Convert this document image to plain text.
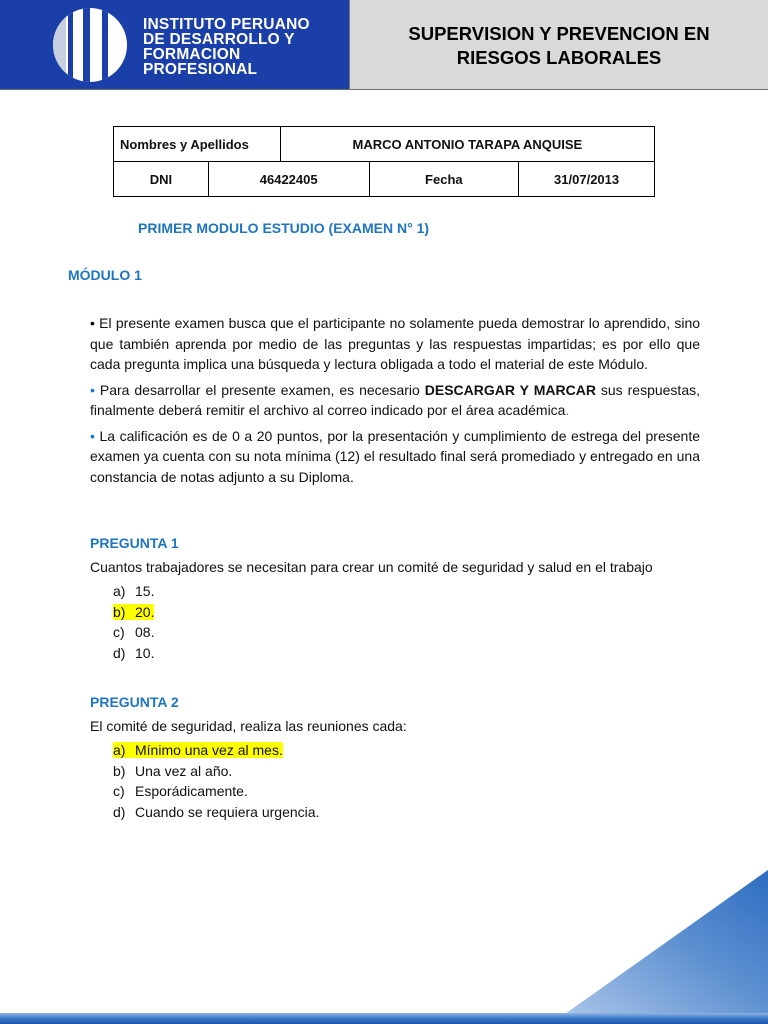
INSTITUTO PERUANO
DE DESARROLLO Y
FORMACION
PROFESIONAL
SUPERVISION Y PREVENCION EN
RIESGOS LABORALES
Nombres y Apellidos		MARCO ANTONIO TARAPA ANQUISE		
DNI	46422405		Fecha	31/07/2013
PRIMER MODULO ESTUDIO (EXAMEN N° 1)
MÓDULO 1

• El presente examen busca que el participante no solamente pueda demostrar lo aprendido, sino que también aprenda por medio de las preguntas y las respuestas impartidas; es por ello que cada pregunta implica una búsqueda y lectura obligada a todo el material de este Módulo.

• Para desarrollar el presente examen, es necesario DESCARGAR Y MARCAR sus respuestas, finalmente deberá remitir el archivo al correo indicado por el área académica.

• La calificación es de 0 a 20 puntos, por la presentación y cumplimiento de estrega del presente examen ya cuenta con su nota mínima (12) el resultado final será promediado y entregado en una constancia de notas adjunto a su Diploma.

PREGUNTA 1
Cuantos trabajadores se necesitan para crear un comité de seguridad y salud en el trabajo
a) 15.
b) 20.
c) 08.
d) 10.
PREGUNTA 2
El comité de seguridad, realiza las reuniones cada:
a) Mínimo una vez al mes.
b) Una vez al año.
c) Esporádicamente.
d) Cuando se requiera urgencia.
